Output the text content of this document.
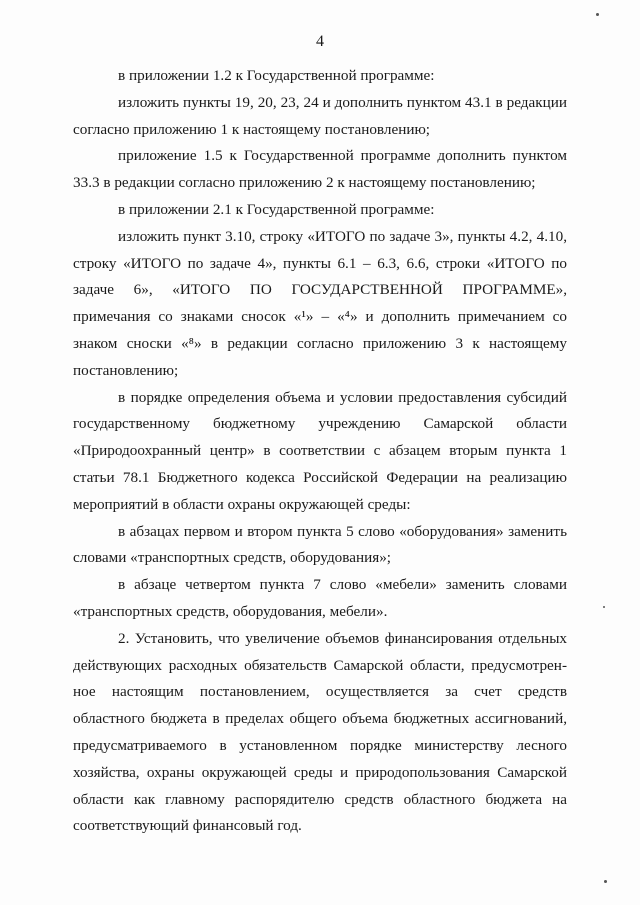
4

в приложении 1.2 к Государственной программе:

изложить пункты 19, 20, 23, 24 и дополнить пунктом 43.1 в редакции согласно приложению 1 к настоящему постановлению;

приложение 1.5 к Государственной программе дополнить пунктом 33.3 в редакции согласно приложению 2 к настоящему постановлению;

в приложении 2.1 к Государственной программе:

изложить пункт 3.10, строку «ИТОГО по задаче 3», пункты 4.2, 4.10, строку «ИТОГО по задаче 4», пункты 6.1 – 6.3, 6.6, строки «ИТОГО по задаче 6», «ИТОГО ПО ГОСУДАРСТВЕННОЙ ПРОГРАММЕ», примечания со знаками сносок «¹» – «⁴» и дополнить примечанием со знаком сноски «⁸» в редакции согласно приложению 3 к настоящему постановлению;

в порядке определения объема и условии предоставления субсидий государственному бюджетному учреждению Самарской области «Природоохранный центр» в соответствии с абзацем вторым пункта 1 статьи 78.1 Бюджетного кодекса Российской Федерации на реализацию мероприятий в области охраны окружающей среды:

в абзацах первом и втором пункта 5 слово «оборудования» заменить словами «транспортных средств, оборудования»;

в абзаце четвертом пункта 7 слово «мебели» заменить словами «транспортных средств, оборудования, мебели».

2. Установить, что увеличение объемов финансирования отдельных действующих расходных обязательств Самарской области, предусмотренное настоящим постановлением, осуществляется за счет средств областного бюджета в пределах общего объема бюджетных ассигнований, предусматриваемого в установленном порядке министерству лесного хозяйства, охраны окружающей среды и природопользования Самарской области как главному распорядителю средств областного бюджета на соответствующий финансовый год.
